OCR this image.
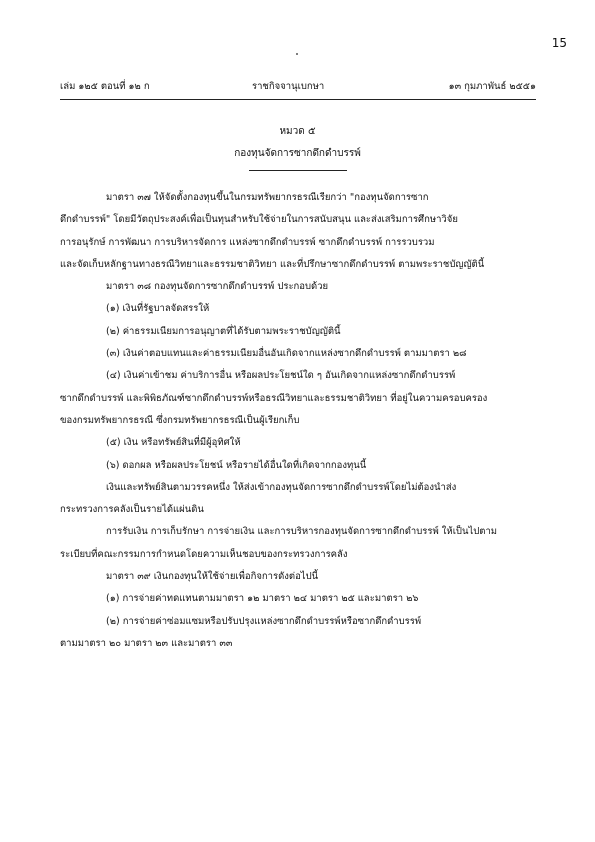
15
เล่ม ๑๒๕ ตอนที่ ๑๒ ก	ราชกิจจานุเบกษา	๑๓ กุมภาพันธ์ ๒๕๕๑
หมวด ๕
กองทุนจัดการซากดึกดำบรรพ์

มาตรา ๓๗ ให้จัดตั้งกองทุนขึ้นในกรมทรัพยากรธรณีเรียกว่า "กองทุนจัดการซาก

ดึกดำบรรพ์" โดยมีวัตถุประสงค์เพื่อเป็นทุนสำหรับใช้จ่ายในการสนับสนุน และส่งเสริมการศึกษาวิจัย

การอนุรักษ์ การพัฒนา การบริหารจัดการ แหล่งซากดึกดำบรรพ์ ซากดึกดำบรรพ์ การรวบรวม

และจัดเก็บหลักฐานทางธรณีวิทยาและธรรมชาติวิทยา และที่ปรึกษาซากดึกดำบรรพ์ ตามพระราชบัญญัตินี้

มาตรา ๓๘ กองทุนจัดการซากดึกดำบรรพ์ ประกอบด้วย

(๑) เงินที่รัฐบาลจัดสรรให้

(๒) ค่าธรรมเนียมการอนุญาตที่ได้รับตามพระราชบัญญัตินี้

(๓) เงินค่าตอบแทนและค่าธรรมเนียมอื่นอันเกิดจากแหล่งซากดึกดำบรรพ์ ตามมาตรา ๒๘

(๔) เงินค่าเข้าชม ค่าบริการอื่น หรือผลประโยชน์ใด ๆ อันเกิดจากแหล่งซากดึกดำบรรพ์

ซากดึกดำบรรพ์ และพิพิธภัณฑ์ซากดึกดำบรรพ์หรือธรณีวิทยาและธรรมชาติวิทยา ที่อยู่ในความครอบครอง

ของกรมทรัพยากรธรณี ซึ่งกรมทรัพยากรธรณีเป็นผู้เรียกเก็บ

(๕) เงิน หรือทรัพย์สินที่มีผู้อุทิศให้

(๖) ดอกผล หรือผลประโยชน์ หรือรายได้อื่นใดที่เกิดจากกองทุนนี้

เงินและทรัพย์สินตามวรรคหนึ่ง ให้ส่งเข้ากองทุนจัดการซากดึกดำบรรพ์โดยไม่ต้องนำส่ง

กระทรวงการคลังเป็นรายได้แผ่นดิน

การรับเงิน การเก็บรักษา การจ่ายเงิน และการบริหารกองทุนจัดการซากดึกดำบรรพ์ ให้เป็นไปตาม

ระเบียบที่คณะกรรมการกำหนดโดยความเห็นชอบของกระทรวงการคลัง

มาตรา ๓๙ เงินกองทุนให้ใช้จ่ายเพื่อกิจการดังต่อไปนี้

(๑) การจ่ายค่าทดแทนตามมาตรา ๑๒ มาตรา ๒๔ มาตรา ๒๕ และมาตรา ๒๖

(๒) การจ่ายค่าซ่อมแซมหรือปรับปรุงแหล่งซากดึกดำบรรพ์หรือซากดึกดำบรรพ์

ตามมาตรา ๒๐ มาตรา ๒๓ และมาตรา ๓๓
